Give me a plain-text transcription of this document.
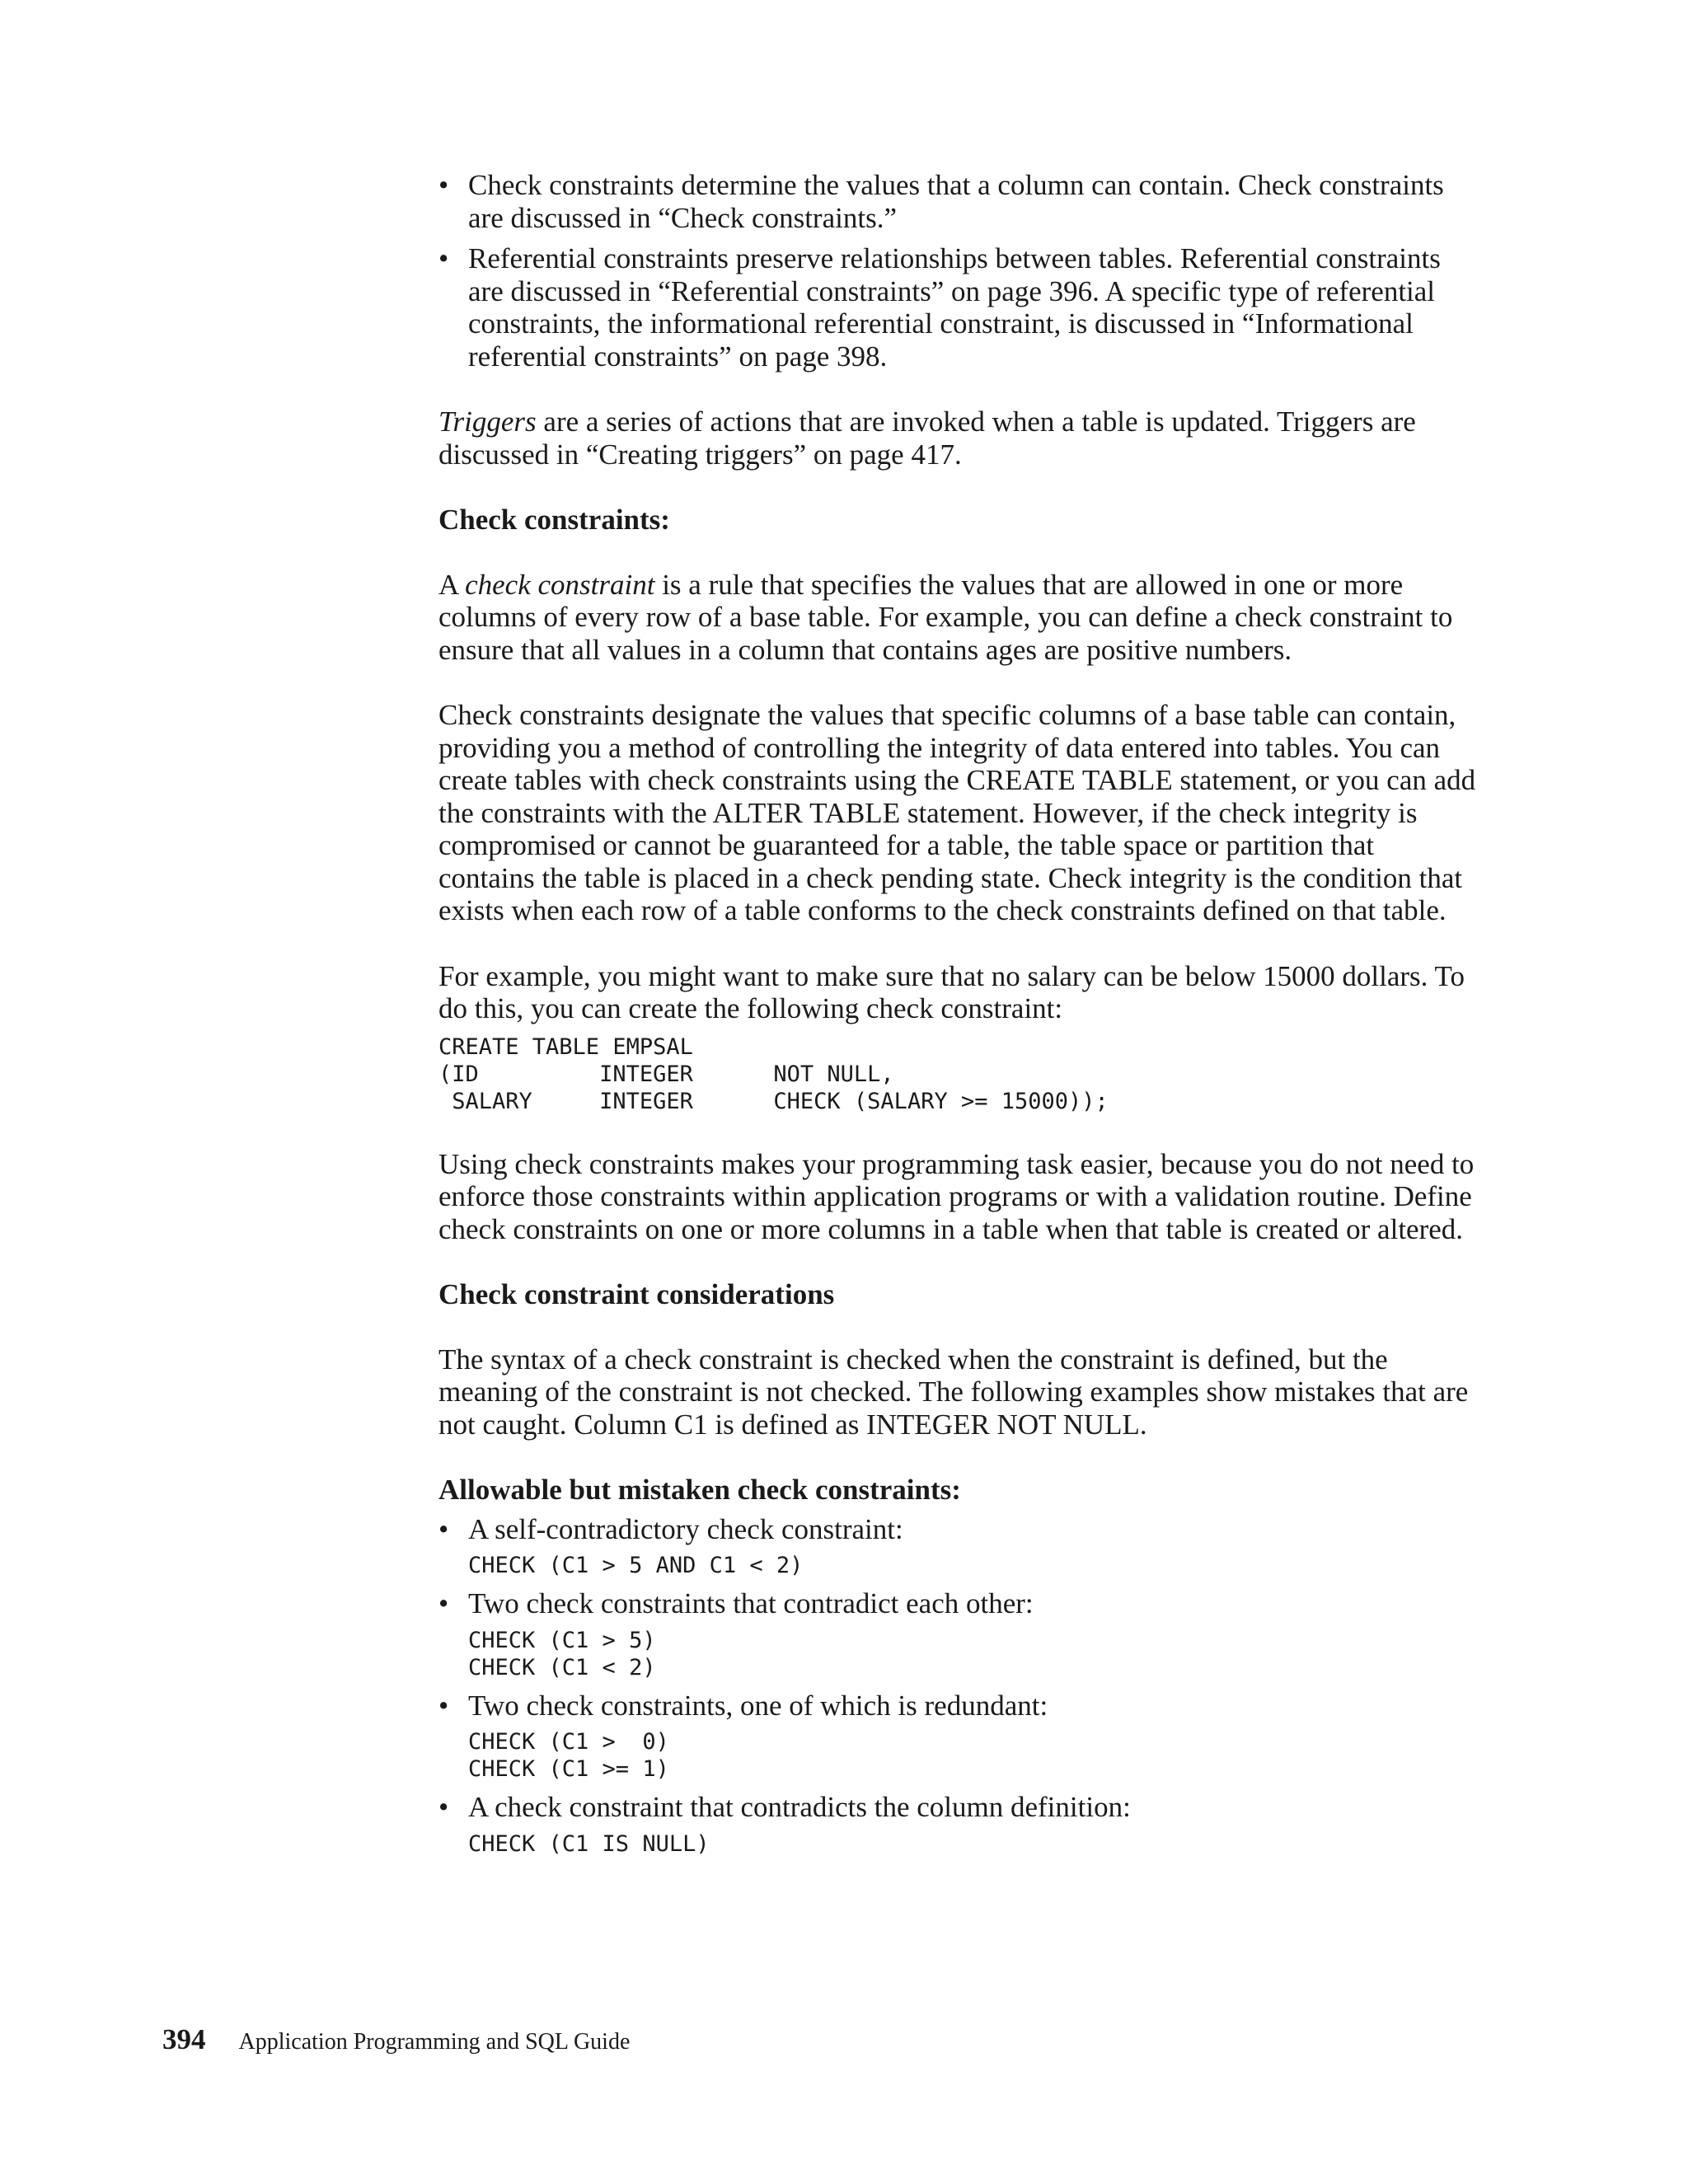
• Check constraints determine the values that a column can contain. Check constraints are discussed in “Check constraints.”
• Referential constraints preserve relationships between tables. Referential constraints are discussed in “Referential constraints” on page 396. A specific type of referential constraints, the informational referential constraint, is discussed in “Informational referential constraints” on page 398.

Triggers are a series of actions that are invoked when a table is updated. Triggers are discussed in “Creating triggers” on page 417.

Check constraints:

A check constraint is a rule that specifies the values that are allowed in one or more columns of every row of a base table. For example, you can define a check constraint to ensure that all values in a column that contains ages are positive numbers.

Check constraints designate the values that specific columns of a base table can contain, providing you a method of controlling the integrity of data entered into tables. You can create tables with check constraints using the CREATE TABLE statement, or you can add the constraints with the ALTER TABLE statement. However, if the check integrity is compromised or cannot be guaranteed for a table, the table space or partition that contains the table is placed in a check pending state. Check integrity is the condition that exists when each row of a table conforms to the check constraints defined on that table.

For example, you might want to make sure that no salary can be below 15000 dollars. To do this, you can create the following check constraint:

CREATE TABLE EMPSAL
(ID         INTEGER      NOT NULL,
SALARY     INTEGER      CHECK (SALARY >= 15000));

Using check constraints makes your programming task easier, because you do not need to enforce those constraints within application programs or with a validation routine. Define check constraints on one or more columns in a table when that table is created or altered.

Check constraint considerations

The syntax of a check constraint is checked when the constraint is defined, but the meaning of the constraint is not checked. The following examples show mistakes that are not caught. Column C1 is defined as INTEGER NOT NULL.

Allowable but mistaken check constraints:
• A self-contradictory check constraint:
CHECK (C1 > 5 AND C1 < 2)
• Two check constraints that contradict each other:
CHECK (C1 > 5)
CHECK (C1 < 2)
• Two check constraints, one of which is redundant:
CHECK (C1 >  0)
CHECK (C1 >= 1)
• A check constraint that contradicts the column definition:
CHECK (C1 IS NULL)
394 Application Programming and SQL Guide
